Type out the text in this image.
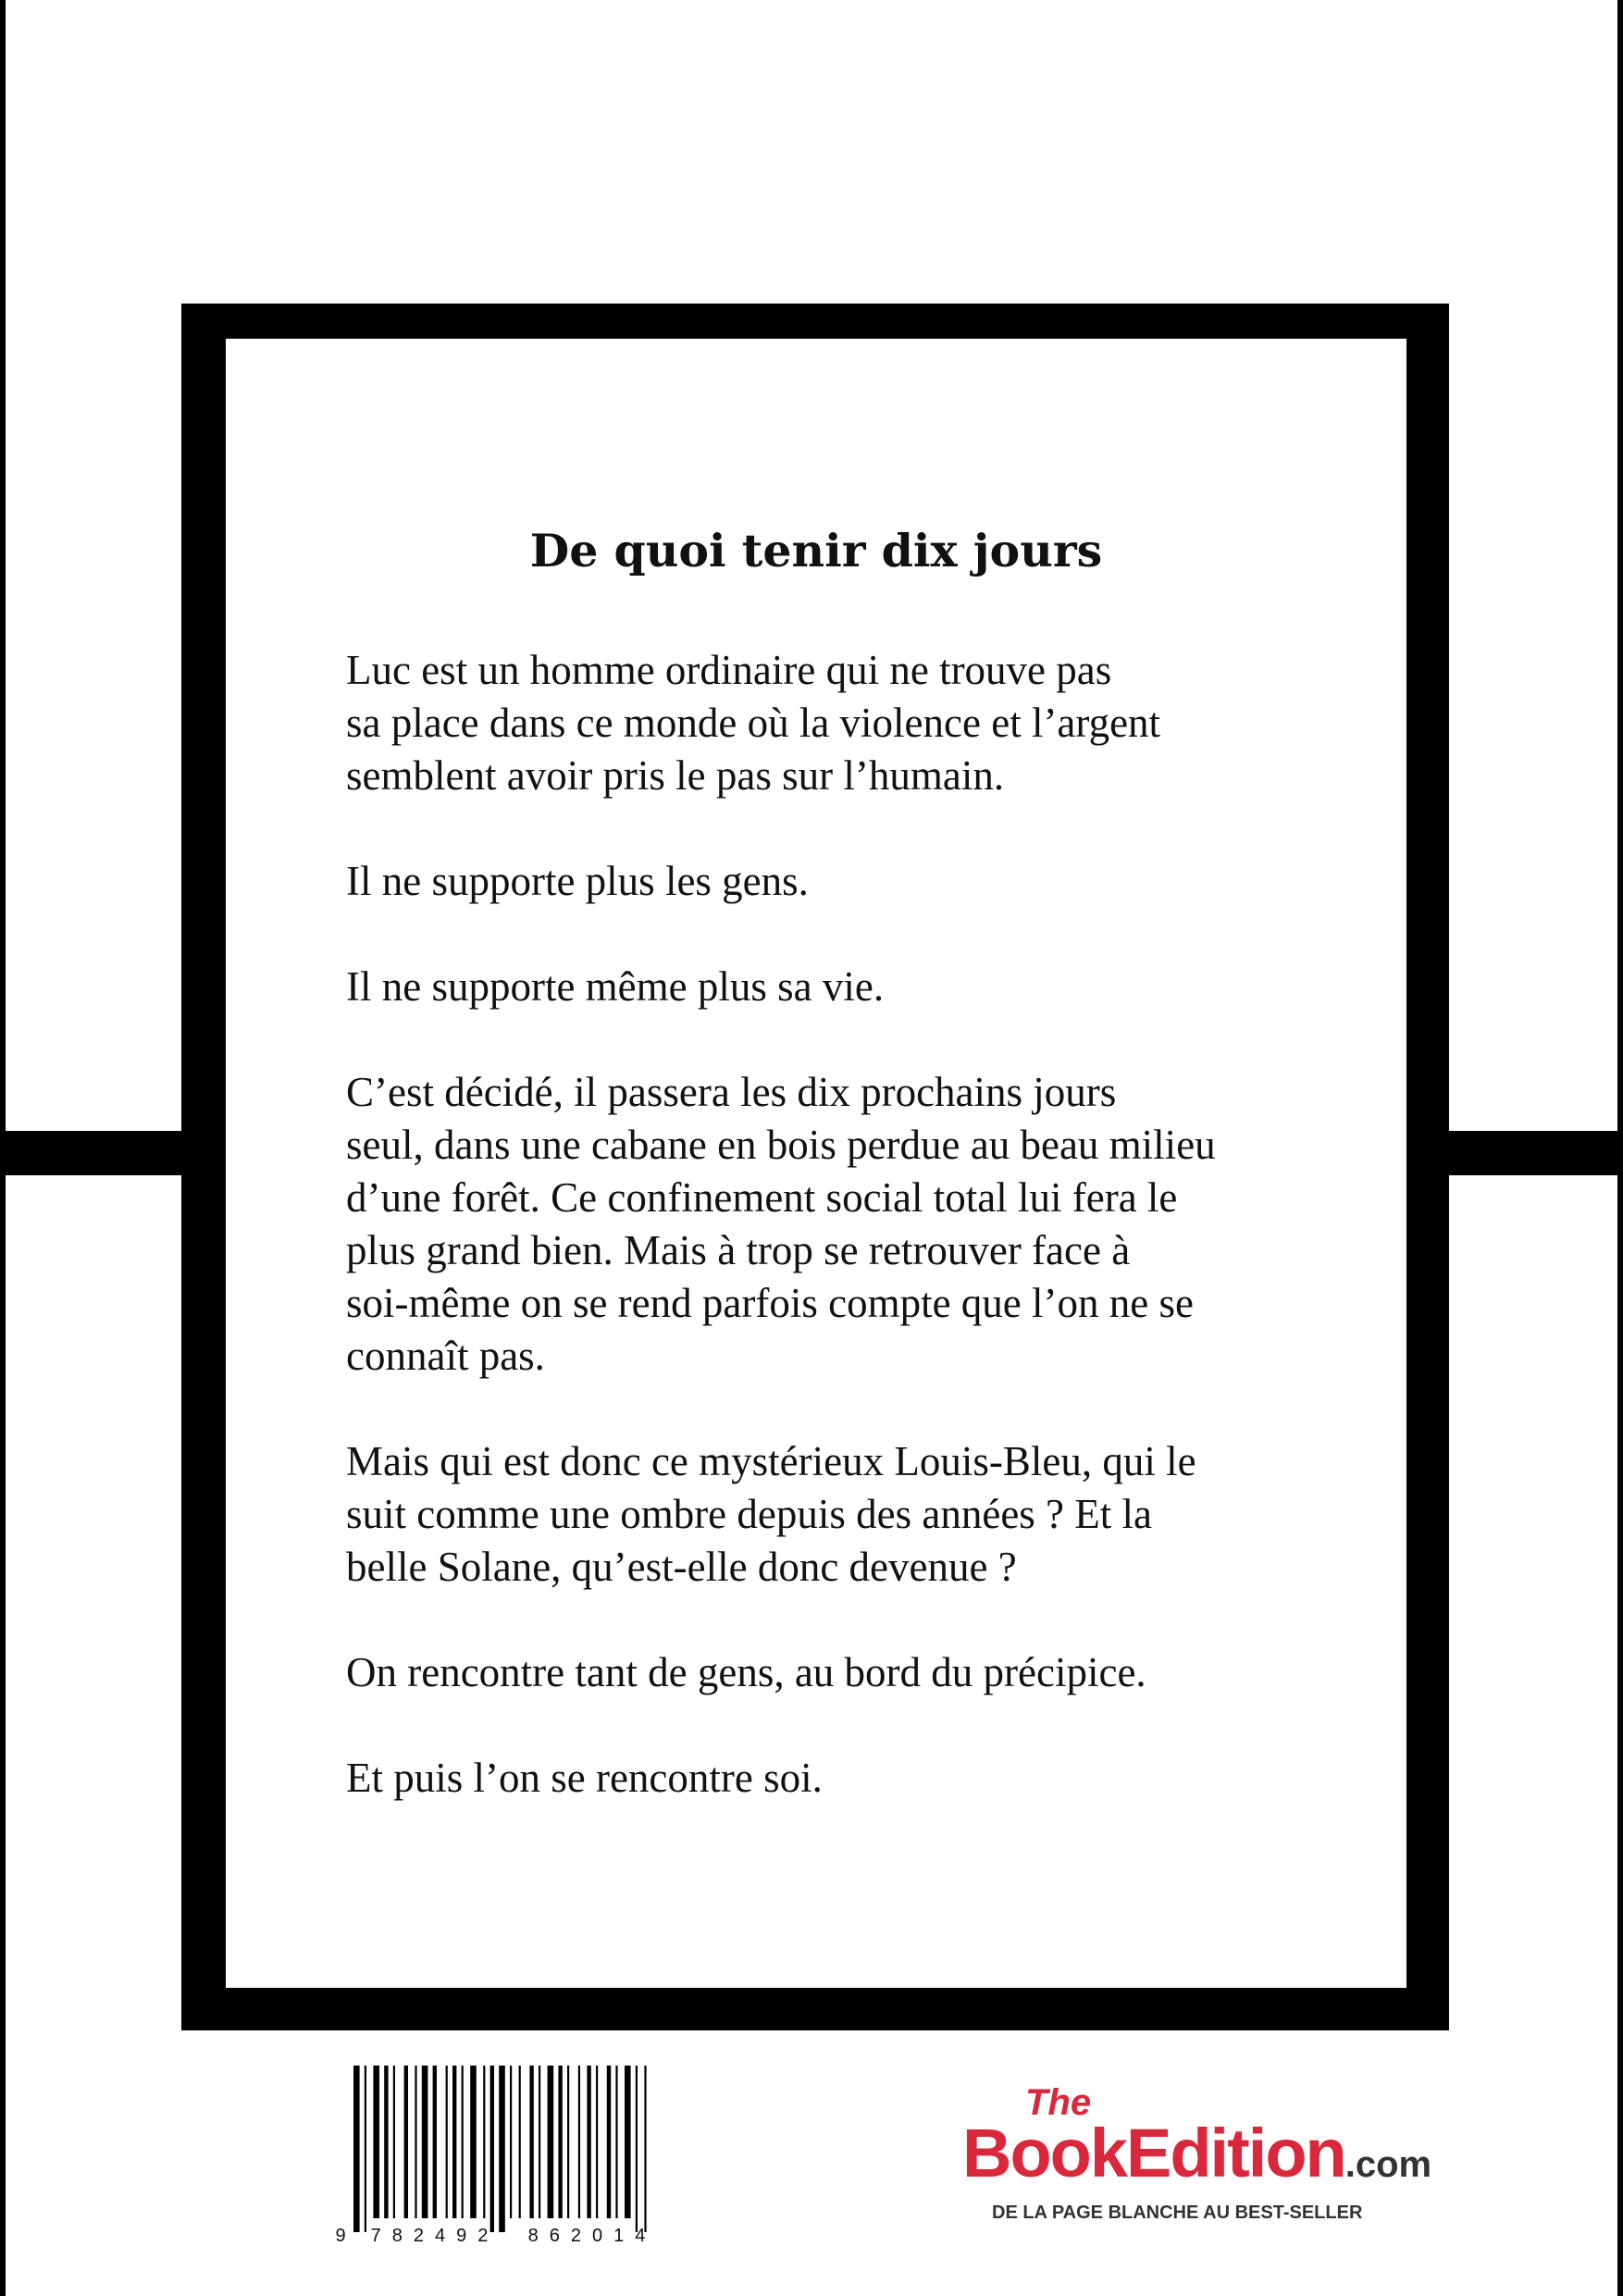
De quoi tenir dix jours

Luc est un homme ordinaire qui ne trouve pas
sa place dans ce monde où la violence et l’argent
semblent avoir pris le pas sur l’humain.

Il ne supporte plus les gens.

Il ne supporte même plus sa vie.

C’est décidé, il passera les dix prochains jours
seul, dans une cabane en bois perdue au beau milieu
d’une forêt. Ce confinement social total lui fera le
plus grand bien. Mais à trop se retrouver face à
soi-même on se rend parfois compte que l’on ne se
connaît pas.

Mais qui est donc ce mystérieux Louis-Bleu, qui le
suit comme une ombre depuis des années ? Et la
belle Solane, qu’est-elle donc devenue ?

On rencontre tant de gens, au bord du précipice.

Et puis l’on se rencontre soi.

9 782492 862014
The
BookEdition.com
DE LA PAGE BLANCHE AU BEST-SELLER
